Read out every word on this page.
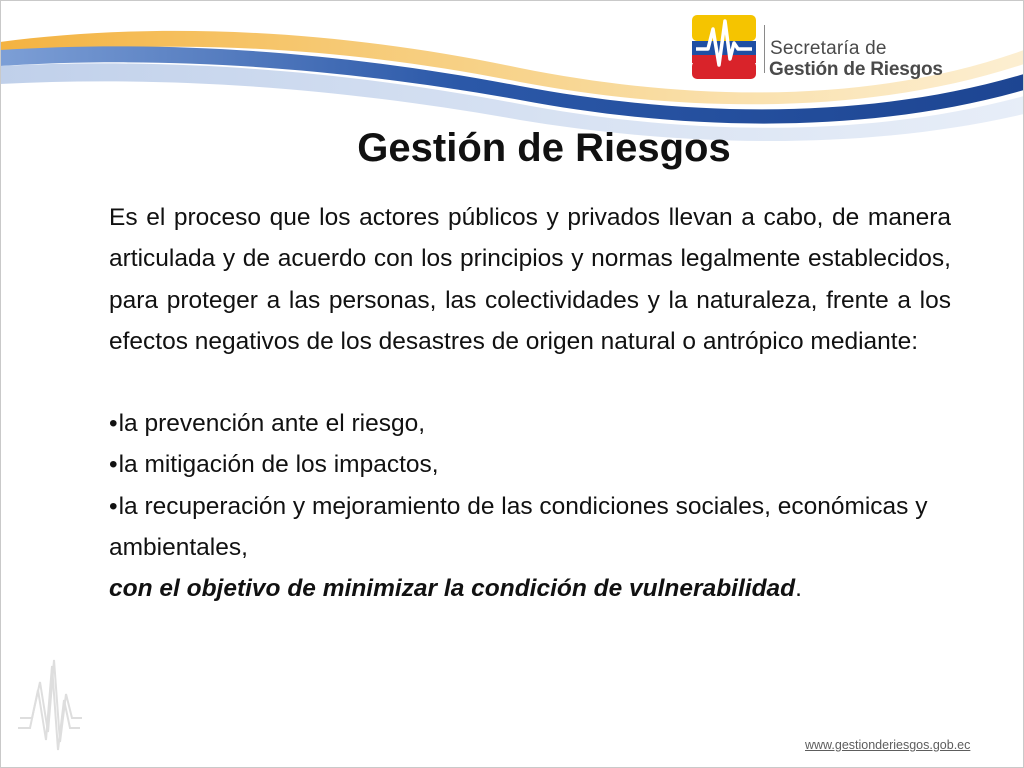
Secretaría de
Gestión de Riesgos
Gestión de Riesgos

Es el proceso que los actores públicos y privados llevan a cabo, de manera articulada y de acuerdo con los principios y normas legalmente establecidos, para proteger a las personas, las colectividades y la naturaleza, frente a los efectos negativos de los desastres de origen natural o antrópico mediante:

•la prevención ante el riesgo,

•la mitigación de los impactos,

•la recuperación y mejoramiento de las condiciones sociales, económicas y ambientales,

con el objetivo de minimizar la condición de vulnerabilidad.

www.gestionderiesgos.gob.ec
